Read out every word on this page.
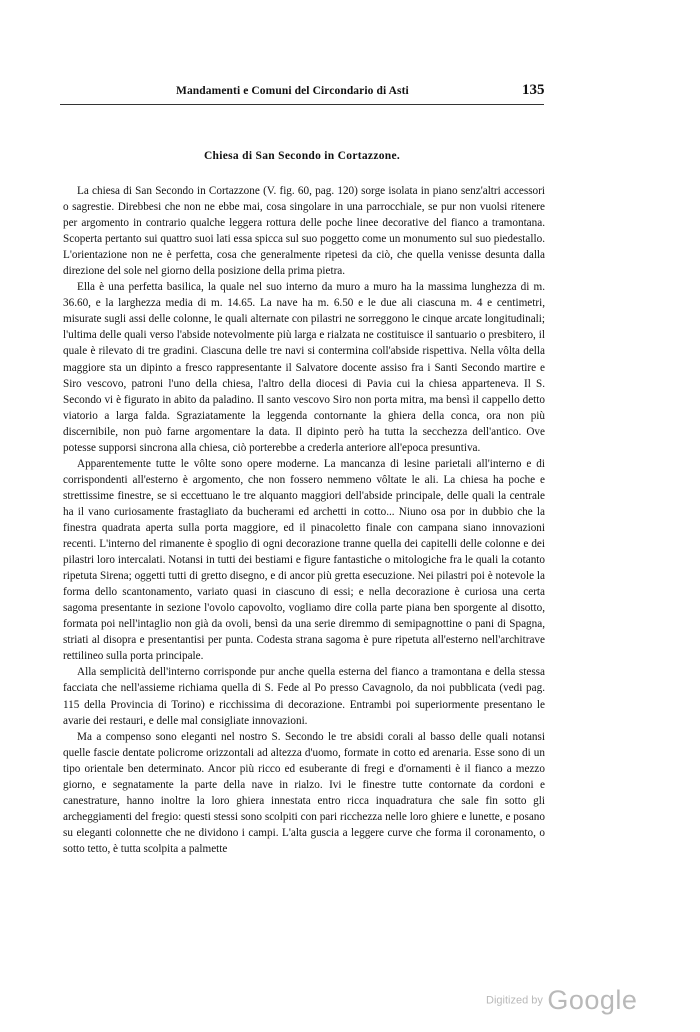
Mandamenti e Comuni del Circondario di Asti	135
Chiesa di San Secondo in Cortazzone.

La chiesa di San Secondo in Cortazzone (V. fig. 60, pag. 120) sorge isolata in piano senz'altri accessori o sagrestie. Direbbesi che non ne ebbe mai, cosa singolare in una parrocchiale, se pur non vuolsi ritenere per argomento in contrario qualche leggera rottura delle poche linee decorative del fianco a tramontana. Scoperta pertanto sui quattro suoi lati essa spicca sul suo poggetto come un monumento sul suo piedestallo. L'orientazione non ne è perfetta, cosa che generalmente ripetesi da ciò, che quella venisse desunta dalla direzione del sole nel giorno della posizione della prima pietra.

Ella è una perfetta basilica, la quale nel suo interno da muro a muro ha la massima lunghezza di m. 36.60, e la larghezza media di m. 14.65. La nave ha m. 6.50 e le due ali ciascuna m. 4 e centimetri, misurate sugli assi delle colonne, le quali alternate con pilastri ne sorreggono le cinque arcate longitudinali; l'ultima delle quali verso l'abside notevolmente più larga e rialzata ne costituisce il santuario o presbitero, il quale è rilevato di tre gradini. Ciascuna delle tre navi si contermina coll'abside rispettiva. Nella vôlta della maggiore sta un dipinto a fresco rappresentante il Salvatore docente assiso fra i Santi Secondo martire e Siro vescovo, patroni l'uno della chiesa, l'altro della diocesi di Pavia cui la chiesa apparteneva. Il S. Secondo vi è figurato in abito da paladino. Il santo vescovo Siro non porta mitra, ma bensì il cappello detto viatorio a larga falda. Sgraziatamente la leggenda contornante la ghiera della conca, ora non più discernibile, non può farne argomentare la data. Il dipinto però ha tutta la secchezza dell'antico. Ove potesse supporsi sincrona alla chiesa, ciò porterebbe a crederla anteriore all'epoca presuntiva.

Apparentemente tutte le vôlte sono opere moderne. La mancanza di lesine parietali all'interno e di corrispondenti all'esterno è argomento, che non fossero nemmeno vôltate le ali. La chiesa ha poche e strettissime finestre, se si eccettuano le tre alquanto maggiori dell'abside principale, delle quali la centrale ha il vano curiosamente frastagliato da bucherami ed archetti in cotto... Niuno osa por in dubbio che la finestra quadrata aperta sulla porta maggiore, ed il pinacoletto finale con campana siano innovazioni recenti. L'interno del rimanente è spoglio di ogni decorazione tranne quella dei capitelli delle colonne e dei pilastri loro intercalati. Notansi in tutti dei bestiami e figure fantastiche o mitologiche fra le quali la cotanto ripetuta Sirena; oggetti tutti di gretto disegno, e di ancor più gretta esecuzione. Nei pilastri poi è notevole la forma dello scantonamento, variato quasi in ciascuno di essi; e nella decorazione è curiosa una certa sagoma presentante in sezione l'ovolo capovolto, vogliamo dire colla parte piana ben sporgente al disotto, formata poi nell'intaglio non già da ovoli, bensì da una serie diremmo di semipagnottine o pani di Spagna, striati al disopra e presentantisi per punta. Codesta strana sagoma è pure ripetuta all'esterno nell'architrave rettilineo sulla porta principale.

Alla semplicità dell'interno corrisponde pur anche quella esterna del fianco a tramontana e della stessa facciata che nell'assieme richiama quella di S. Fede al Po presso Cavagnolo, da noi pubblicata (vedi pag. 115 della Provincia di Torino) e ricchissima di decorazione. Entrambi poi superiormente presentano le avarie dei restauri, e delle mal consigliate innovazioni.

Ma a compenso sono eleganti nel nostro S. Secondo le tre absidi corali al basso delle quali notansi quelle fascie dentate policrome orizzontali ad altezza d'uomo, formate in cotto ed arenaria. Esse sono di un tipo orientale ben determinato. Ancor più ricco ed esuberante di fregi e d'ornamenti è il fianco a mezzo giorno, e segnatamente la parte della nave in rialzo. Ivi le finestre tutte contornate da cordoni e canestrature, hanno inoltre la loro ghiera innestata entro ricca inquadratura che sale fin sotto gli archeggiamenti del fregio: questi stessi sono scolpiti con pari ricchezza nelle loro ghiere e lunette, e posano su eleganti colonnette che ne dividono i campi. L'alta guscia a leggere curve che forma il coronamento, o sotto tetto, è tutta scolpita a palmette

Digitized by Google
